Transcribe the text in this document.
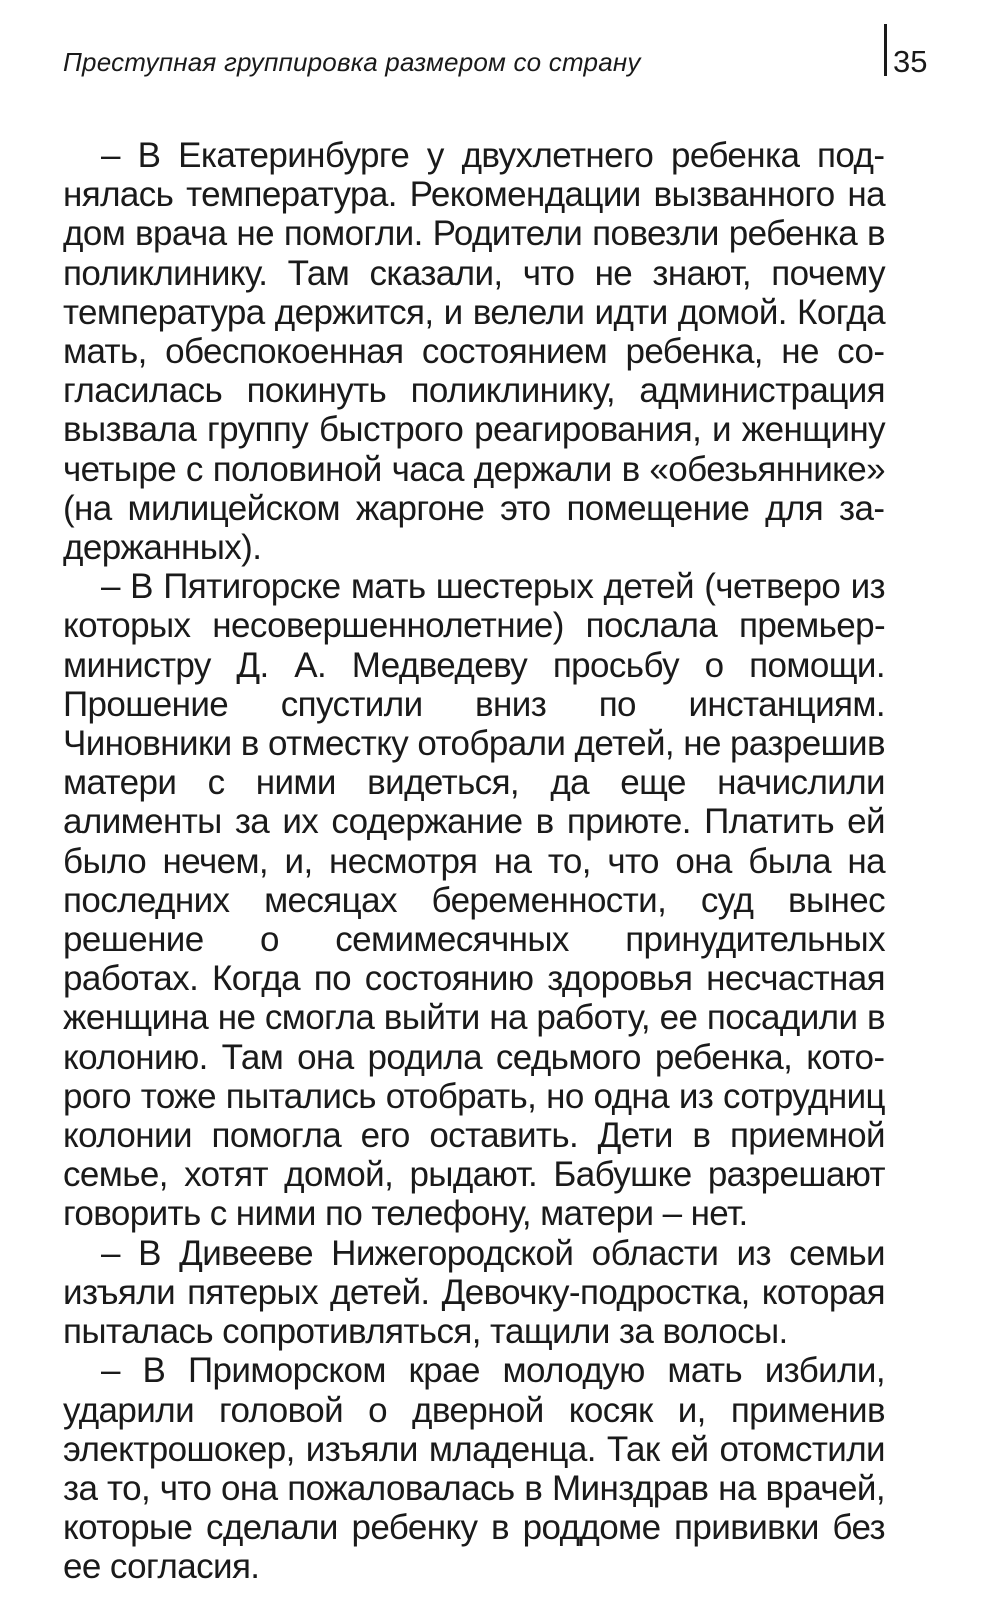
Преступная группировка размером со страну	35

– В Екатеринбурге у двухлетнего ребенка поднялась температура. Рекомендации вызванного на дом врача не помогли. Родители повезли ребенка в поликлинику. Там сказали, что не знают, почему температура держится, и велели идти домой. Когда мать, обеспокоенная состоянием ребенка, не согласилась покинуть поликлинику, администрация вызвала группу быстрого реагирования, и женщину четыре с половиной часа держали в «обезьяннике» (на милицейском жаргоне это помещение для задержанных).

– В Пятигорске мать шестерых детей (четверо из которых несовершеннолетние) послала премьер-министру Д. А. Медведеву просьбу о помощи. Прошение спустили вниз по инстанциям. Чиновники в отместку отобрали детей, не разрешив матери с ними видеться, да еще начислили алименты за их содержание в приюте. Платить ей было нечем, и, несмотря на то, что она была на последних месяцах беременности, суд вынес решение о семимесячных принудительных работах. Когда по состоянию здоровья несчастная женщина не смогла выйти на работу, ее посадили в колонию. Там она родила седьмого ребенка, которого тоже пытались отобрать, но одна из сотрудниц колонии помогла его оставить. Дети в приемной семье, хотят домой, рыдают. Бабушке разрешают говорить с ними по телефону, матери – нет.

– В Дивееве Нижегородской области из семьи изъяли пятерых детей. Девочку-подростка, которая пыталась сопротивляться, тащили за волосы.

– В Приморском крае молодую мать избили, ударили головой о дверной косяк и, применив электрошокер, изъяли младенца. Так ей отомстили за то, что она пожаловалась в Минздрав на врачей, которые сделали ребенку в роддоме прививки без ее согласия.
